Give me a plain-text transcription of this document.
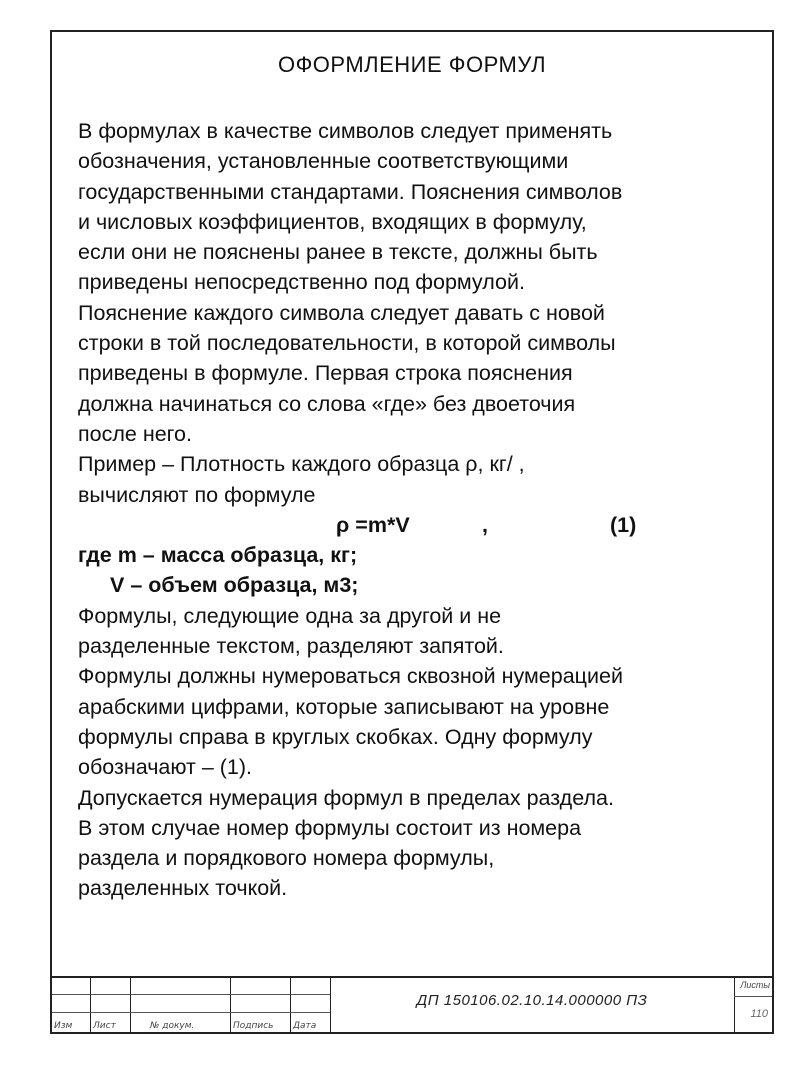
ОФОРМЛЕНИЕ ФОРМУЛ
В формулах в качестве символов следует применять
обозначения, установленные соответствующими
государственными стандартами. Пояснения символов
и числовых коэффициентов, входящих в формулу,
если они не пояснены ранее в тексте, должны быть
приведены непосредственно под формулой.
Пояснение каждого символа следует давать с новой
строки в той последовательности, в которой символы
приведены в формуле. Первая строка пояснения
должна начинаться со слова «где» без двоеточия
после него.
Пример – Плотность каждого образца ρ, кг/ ,
вычисляют по формуле
ρ =m*V	,	(1)
где m – масса образца, кг;
V – объем образца, м3;
Формулы, следующие одна за другой и не
разделенные текстом, разделяют запятой.
Формулы должны нумероваться сквозной нумерацией
арабскими цифрами, которые записывают на уровне
формулы справа в круглых скобках. Одну формулу
обозначают – (1).
Допускается нумерация формул в пределах раздела.
В этом случае номер формулы состоит из номера
раздела и порядкового номера формулы,
разделенных точкой.
Изм Лист	№ докум.	Подпись Дата
ДП 150106.02.10.14.000000 ПЗ
Листы
110
